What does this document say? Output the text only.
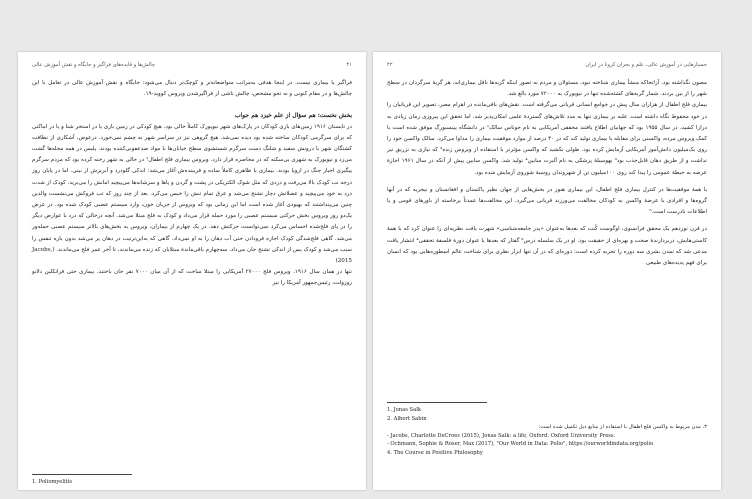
چالش‌ها و فایده‌های فراگیر و جایگاه و نقش آموزش عالی	۴۱

فراگیر یا بیماری نیست. در اینجا هدفی به‌مراتب متواضعانه‌تر و کوچک‌تر دنبال می‌شود: جایگاه و نقش آموزش عالی در تعامل با این چالش‌ها و در مقام کنونی و نه تحو مشخص، چالش ناشی از فراگیرشدن ویروس کووید-۱۹.

بخش نخست: هم سؤال از علم خیزد هم جواب

در تابستان ۱۹۱۶ زمین‌های بازی کودکان در پارک‌های شهر نیویورک کاملاً خالی بود. هیچ کودکی در زمین بازی یا در استخر شنا و یا در اماکنی که برای سرگرمی کودکان ساخته شده بود دیده نمی‌شد. هیچ گروهی نیز در سراسر شهر به چشم نمی‌خورد. درعوض، آشکاری از نظافت کشتگان شهر با درونش سفید و شلنگ‌ دست سرگرم شستشوی سطح خیابان‌ها با مواد ضدعفونی‌کننده بودند. پلیس در همه محله‌ها گشت می‌زد و نیویورک به شهری بی‌سکنه که در محاصره قرار دارد. ویروس بیماری فلج اطفال¹ در حالی به شهر رخنه کرده بود که مردم سرگرم پیگیری اخبار جنگ در اروپا بودند. بیماری با ظاهری کاملاً ساده و فریبنده‌ش آغاز می‌شد: اندکی گلودرد و آبریزش از بینی. اما در پایان روز درجه تب کودک بالا می‌رفت و دردی که مثل شوک الکتریکی در پشت و گردن و پاها و سرشانه‌ها می‌پیچید امانش را می‌برید. کودک از شدت درد به خود می‌پیچید و عضلاتش دچار تشنج می‌شد و عرق تمام تنش را خیس می‌کرد. بعد از چند روز که تب فروکش می‌نشست والدین چنین می‌پنداشتند که بهبودی آغاز شده است اما این زمانی بود که ویروس از جریان خون، وارد سیستم عصبی کودک شده بود. در عرض یک‌دو روز ویروس بخش حرکتی سیستم عصبی را مورد حمله قرار می‌داد و کودک به فلج مبتلا می‌شد. آنچه درحالی که درد با عوارض دیگر را در پای فلج‌شده احساس می‌کرد نمی‌توانست حرکتش دهد. در یک چهارم از بیماران، ویروس به بخش‌های بالاتر سیستم عصبی حمله‌ور می‌شد. گاهی فلج‌شدگی کودک اجازه فرودادن حتی آب دهان را به او نمی‌داد. گاهی که به‌این‌ترتیب در دهان پر می‌شد بدون بازه تنفس را سبب می‌شد و کودک پس از اندکی تشنج جان می‌داد. سه‌چهارم باقی‌ماندهٔ مبتلایان که زنده می‌ماندند، تا آخر عمر فلج می‌ماندند. (Jacobs, 2015)

تنها در همان سال ۱۹۱۶، ویروس فلج ۲۷۰۰۰ آمریکایی را مبتلا ساخت که از آن میان ۷۰۰۰ نفر جان باختند. بیماری حتی فرانکلین دلانو روزولت، رئیس‌جمهور آمریکا را نیز

1. Poliomyelitis
۴۲	جستارهایی در آموزش عالی، علم و بحران کرونا در ایران

مصون نگذاشته بود. آزانجاکه منشأ بیماری شناخته نبود، مسئولان و مردم به تصور اینکه گربه‌ها ناقل بیماری‌اند، هر گربهٔ سرگردان در سطح شهر را از بین بردند. شمار گربه‌های کشته‌شده تنها در نیویورک به ۷۲۰۰۰ مورد بالغ شد.

بیماری فلج اطفال از هزاران سال پیش در جوامع انسانی قربانی می‌گرفته است. نقش‌های باقی‌مانده در اهرام مصر، تصویر این قربانیان را در خود محفوظ نگاه داشته است. غلبه بر بیماری تنها به مدد تلاش‌های گستردهٔ علمی امکان‌پذیر شد. اما تحقق این پیروزی زمان زیادی به درازا کشید. در سال ۱۹۵۵ بود که جهانیان اطلاع یافتند محققی آمریکایی به نام جوناس سالک¹ در دانشگاه پیتسبورگ موفق شده است با کمک ویروس مرده، واکسنی برای مقابله با بیماری تولید کند که در ۳۰ درصد از موارد موفقیت بیماری را مداوا می‌کرد. سالک واکسن خود را روی یک‌میلیون دانش‌آموز آمریکایی آزمایش کرده بود. طولی نکشید که واکسن مؤثرتر با استفاده از ویروس زنده² که نیازی به تزریق نیز نداشت و از طریق دهان قابل‌جذب بود³ بهوسیلهٔ پزشکی به نام آلبرت سابین⁴ تولید شد. واکسن سابین پیش از آنکه در سال ۱۹۶۱ اجازهٔ عرضه به حیطهٔ عمومی را پیدا کند روی ۱۰۰‌میلیون تن از شهروندان روسیهٔ شوروی آزمایش شده بود.

با همهٔ موفقیت‌ها در کنترل بیماری فلج اطفال، این بیماری هنوز در بخش‌هایی از جهان نظیر پاکستان و افغانستان و نیجریه که در آنها گروه‌ها و افرادی با عرضهٔ واکسن به کودکان مخالفت می‌ورزند قربانی می‌گیرد. این مخالفت‌ها عمدتاً برخاسته از باورهای قومی و یا اطلاعات نادرست است.⁵

در قرن نوزدهم یک محقق فرانسوی، اوگوست کُنت که بعدها به‌عنوان «پدر جامعه‌شناسی» شهرت یافت نظریه‌ای را عنوان کرد که با همهٔ کاستی‌هایش، دربردارندهٔ صحت و بهره‌ای از حقیقت بود. او در یک سلسله درس⁶ گفتار که بعدها با عنوان دورهٔ فلسفهٔ تحققی⁴ انتشار یافت مدعی شد که تمدن بشری سه دوره را تجربه کرده است: دوره‌ای که در آن تنها ابزار نظری برای شناخت عالم اسطوره‌هایی بود که انسان برای فهم پدیده‌های طبیعی

1. Jonas Salk
2. Albert Sabin
۳. مدن مربوط به واکسن فلج اطفال با استفاده از منابع ذیل تکمیل شده است:
- Jacobs, Charlotte DeCroes (2015), Jonas Salk: a life, Oxford: Oxford University Press.
- Ochmann, Sophie & Roser, Max (2017), "Our World in Data: Polio", https://ourworldindata.org/polio
4. The Course in Positive Philosophy
